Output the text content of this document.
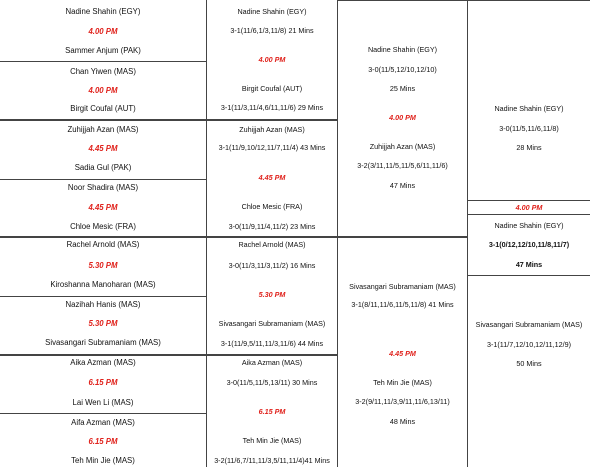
Nadine Shahin (EGY)
4.00 PM
Sammer Anjum (PAK)
Chan Yiwen (MAS)
4.00 PM
Birgit Coufal (AUT)
Zuhijjah Azan (MAS)
4.45 PM
Sadia Gul (PAK)
Noor Shadira (MAS)
4.45 PM
Chloe Mesic (FRA)
Rachel Arnold (MAS)
5.30 PM
Kiroshanna Manoharan (MAS)
Nazihah Hanis (MAS)
5.30 PM
Sivasangari Subramaniam (MAS)
Aika Azman (MAS)
6.15 PM
Lai Wen Li (MAS)
Aifa Azman (MAS)
6.15 PM
Teh Min Jie (MAS)
Nadine Shahin (EGY)
3-1(11/6,1/3,11/8) 21 Mins
4.00 PM
Birgit Coufal (AUT)
3-1(11/3,11/4,6/11,11/6) 29 Mins
Zuhijjah Azan (MAS)
3-1(11/9,10/12,11/7,11/4) 43 Mins
4.45 PM
Chloe Mesic (FRA)
3-0(11/9,11/4,11/2) 23 Mins
Rachel Arnold (MAS)
3-0(11/3,11/3,11/2) 16 Mins
5.30 PM
Sivasangari Subramaniam (MAS)
3-1(11/9,5/11,11/3,11/6) 44 Mins
Aika Azman (MAS)
3-0(11/5,11/5,13/11) 30 Mins
6.15 PM
Teh Min Jie (MAS)
3-2(11/6,7/11,11/3,5/11,11/4)41 Mins
Nadine Shahin (EGY)
3-0(11/5,12/10,12/10)
25 Mins
4.00 PM
Zuhijjah Azan (MAS)
3-2(3/11,11/5,11/5,6/11,11/6)
47 Mins
Sivasangari Subramaniam (MAS)
3-1(8/11,11/6,11/5,11/8) 41 Mins
4.45 PM
Teh Min Jie (MAS)
3-2(9/11,11/3,9/11,11/6,13/11)
48 Mins
Nadine Shahin (EGY)
3-0(11/5,11/6,11/8)
28 Mins
4.00 PM
Nadine Shahin (EGY)
3-1(0/12,12/10,11/8,11/7)
47 Mins
Sivasangari Subramaniam (MAS)
3-1(11/7,12/10,12/11,12/9)
50 Mins
